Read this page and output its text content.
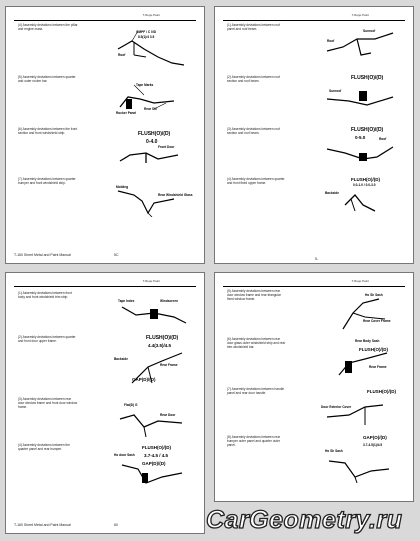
T-Боди Paint
(4) Assembly deviations between the pillar and engine mask.
GMPF / C 0/D
8.5(1)/4 3 8
Roof
(5) Assembly deviations between quarter and outer rocker bar.
Tape Marks
Rocker Panel
Rear Sill
(6) Assembly deviations between the front section and front windshield strip.	FLUSH(O)/(D)
0-4.0
Front Door
(7) Assembly deviations between quarter bumper and front windshield strip.
Molding
Rear Windshield Glass
T-160 Sheet Metal and Paint Manual	5С
T-Боди Paint
(1) Assembly deviations between roof panel and roof beam.
Roof
Sunroof
(2) Assembly deviations between roof section and roof beam.
FLUSH(O)/(D)
Sunroof
(3) Assembly deviations between roof section and roof beam.
FLUSH(O)/(D)
0-5.0	Roof
(4) Assembly deviations between quarter and front fixed upper frame.
FLUSH(O)/(D)
0.0-1.0 / 0.0-3.0
Backside
5-
T-Боди Paint
(1) Assembly deviations between front body and front windshield trim strip.
Tape Index	Windscreen
(2) Assembly deviations between quarter and front door upper frame.
FLUSH(O)/(D)
4.4(3.5)/4.5
Backside
Rear Frame
GAP(D)/(D)
(3) Assembly deviations between rear door window frame and front door window frame.
Flat(D) G
Rear Door
(4) Assembly deviations between the quarter panel and rear bumper.	FLUSH(O)/(D)
3.7-4.5 / 4.5
GAP(D)/(D)
Ho door Sash
T-160 Sheet Metal and Paint Manual	60
T-Боди Paint
(5) Assembly deviations between rear door window frame and rear triangular fixed window frame.
Ho Sh Sash
Rear Cover Frame
(6) Assembly deviations between rear door glass outer windshield strip and rear trim windshield bar.
Rear Body Sash
FLUSH(O)/(D)
Rear Frame
(7) Assembly deviations between handle panel and rear door handle.
Door Exterior Cover
FLUSH(O)/(D)
(8) Assembly deviations between rear bumper outer panel and quarter outer panel.
GAP(O)/(D)
3.7-4.5(1)/4.5
Ho Sh Sash
CarGeometry.ru
